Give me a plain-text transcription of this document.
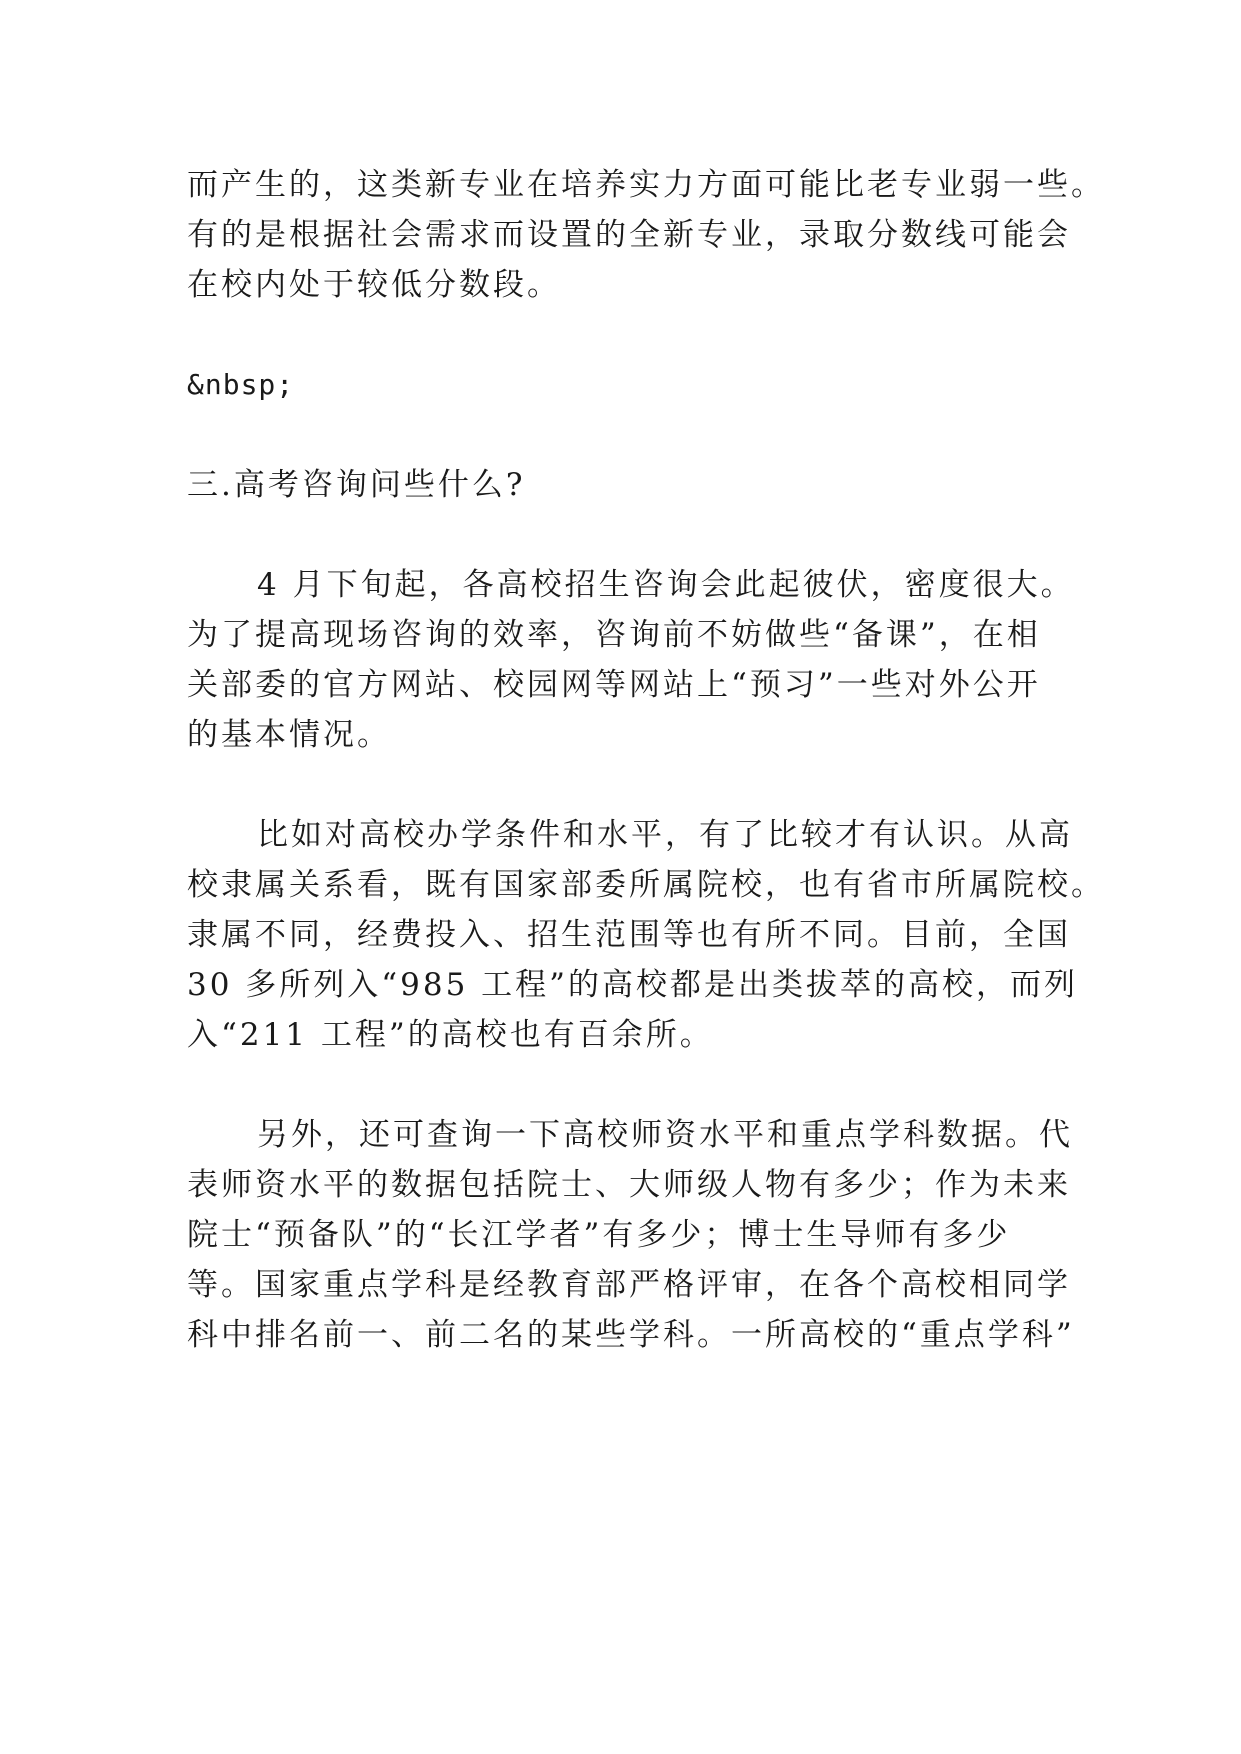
而产生的，这类新专业在培养实力方面可能比老专业弱一些。
有的是根据社会需求而设置的全新专业，录取分数线可能会
在校内处于较低分数段。
&nbsp;
三.高考咨询问些什么?
4 月下旬起，各高校招生咨询会此起彼伏，密度很大。
为了提高现场咨询的效率，咨询前不妨做些“备课”，在相
关部委的官方网站、校园网等网站上“预习”一些对外公开
的基本情况。
比如对高校办学条件和水平，有了比较才有认识。从高
校隶属关系看，既有国家部委所属院校，也有省市所属院校。
隶属不同，经费投入、招生范围等也有所不同。目前，全国
30 多所列入“985 工程”的高校都是出类拔萃的高校，而列
入“211 工程”的高校也有百余所。
另外，还可查询一下高校师资水平和重点学科数据。代
表师资水平的数据包括院士、大师级人物有多少；作为未来
院士“预备队”的“长江学者”有多少；博士生导师有多少
等。国家重点学科是经教育部严格评审，在各个高校相同学
科中排名前一、前二名的某些学科。一所高校的“重点学科”
